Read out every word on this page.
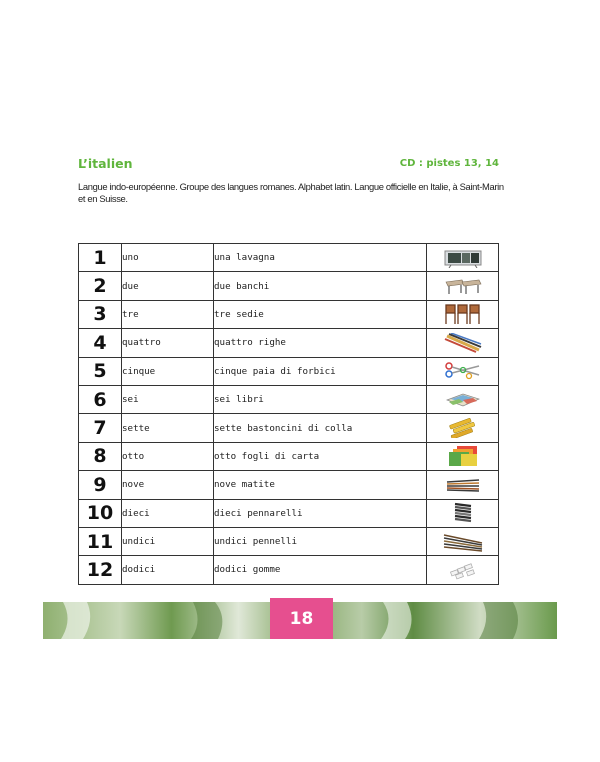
L’italien	CD : pistes 13, 14
Langue indo-européenne. Groupe des langues romanes. Alphabet latin. Langue officielle en Italie, à Saint-Marin et en Suisse.
1	uno	una lavagna	

2	due	due banchi	

3	tre	tre sedie	

4	quattro	quattro righe	

5	cinque	cinque paia di forbici	

6	sei	sei libri	

7	sette	sette bastoncini di colla	

8	otto	otto fogli di carta	

9	nove	nove matite	

10	dieci	dieci pennarelli	

11	undici	undici pennelli	

12	dodici	dodici gomme	
18
